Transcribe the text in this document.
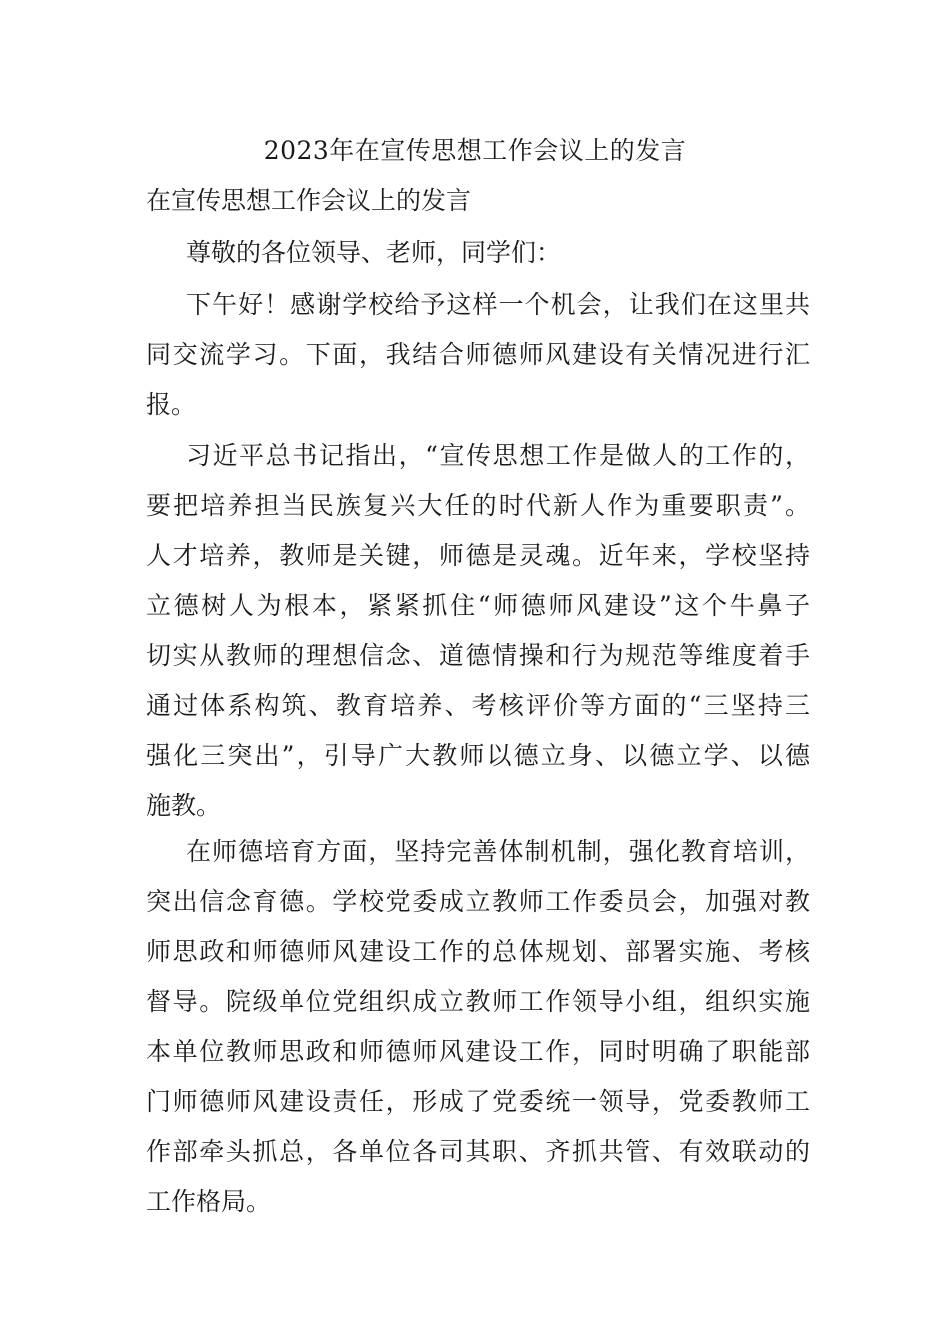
2023年在宣传思想工作会议上的发言
在宣传思想工作会议上的发言
尊敬的各位领导、老师，同学们：
下午好！感谢学校给予这样一个机会，让我们在这里共
同交流学习。下面，我结合师德师风建设有关情况进行汇
报。
习近平总书记指出，“宣传思想工作是做人的工作的，
要把培养担当民族复兴大任的时代新人作为重要职责”。
人才培养，教师是关键，师德是灵魂。近年来，学校坚持
立德树人为根本，紧紧抓住“师德师风建设”这个牛鼻子
切实从教师的理想信念、道德情操和行为规范等维度着手
通过体系构筑、教育培养、考核评价等方面的“三坚持三
强化三突出”，引导广大教师以德立身、以德立学、以德
施教。
在师德培育方面，坚持完善体制机制，强化教育培训，
突出信念育德。学校党委成立教师工作委员会，加强对教
师思政和师德师风建设工作的总体规划、部署实施、考核
督导。院级单位党组织成立教师工作领导小组，组织实施
本单位教师思政和师德师风建设工作，同时明确了职能部
门师德师风建设责任，形成了党委统一领导，党委教师工
作部牵头抓总，各单位各司其职、齐抓共管、有效联动的
工作格局。
